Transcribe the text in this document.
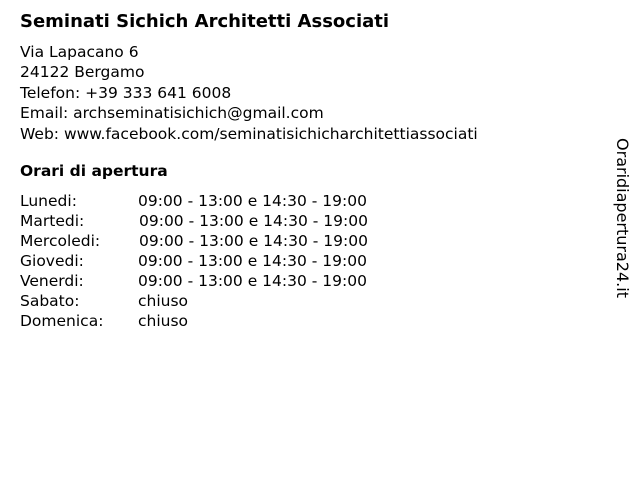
Seminati Sichich Architetti Associati
Via Lapacano 6
24122 Bergamo
Telefon: +39 333 641 6008
Email: archseminatisichich@gmail.com
Web: www.facebook.com/seminatisichicharchitettiassociati
Orari di apertura
Lunedi:	09:00 - 13:00 e 14:30 - 19:00
Martedi:	09:00 - 13:00 e 14:30 - 19:00
Mercoledi:	09:00 - 13:00 e 14:30 - 19:00
Giovedi:	09:00 - 13:00 e 14:30 - 19:00
Venerdi:	09:00 - 13:00 e 14:30 - 19:00
Sabato:	chiuso
Domenica: chiuso
Oraridiapertura24.it
